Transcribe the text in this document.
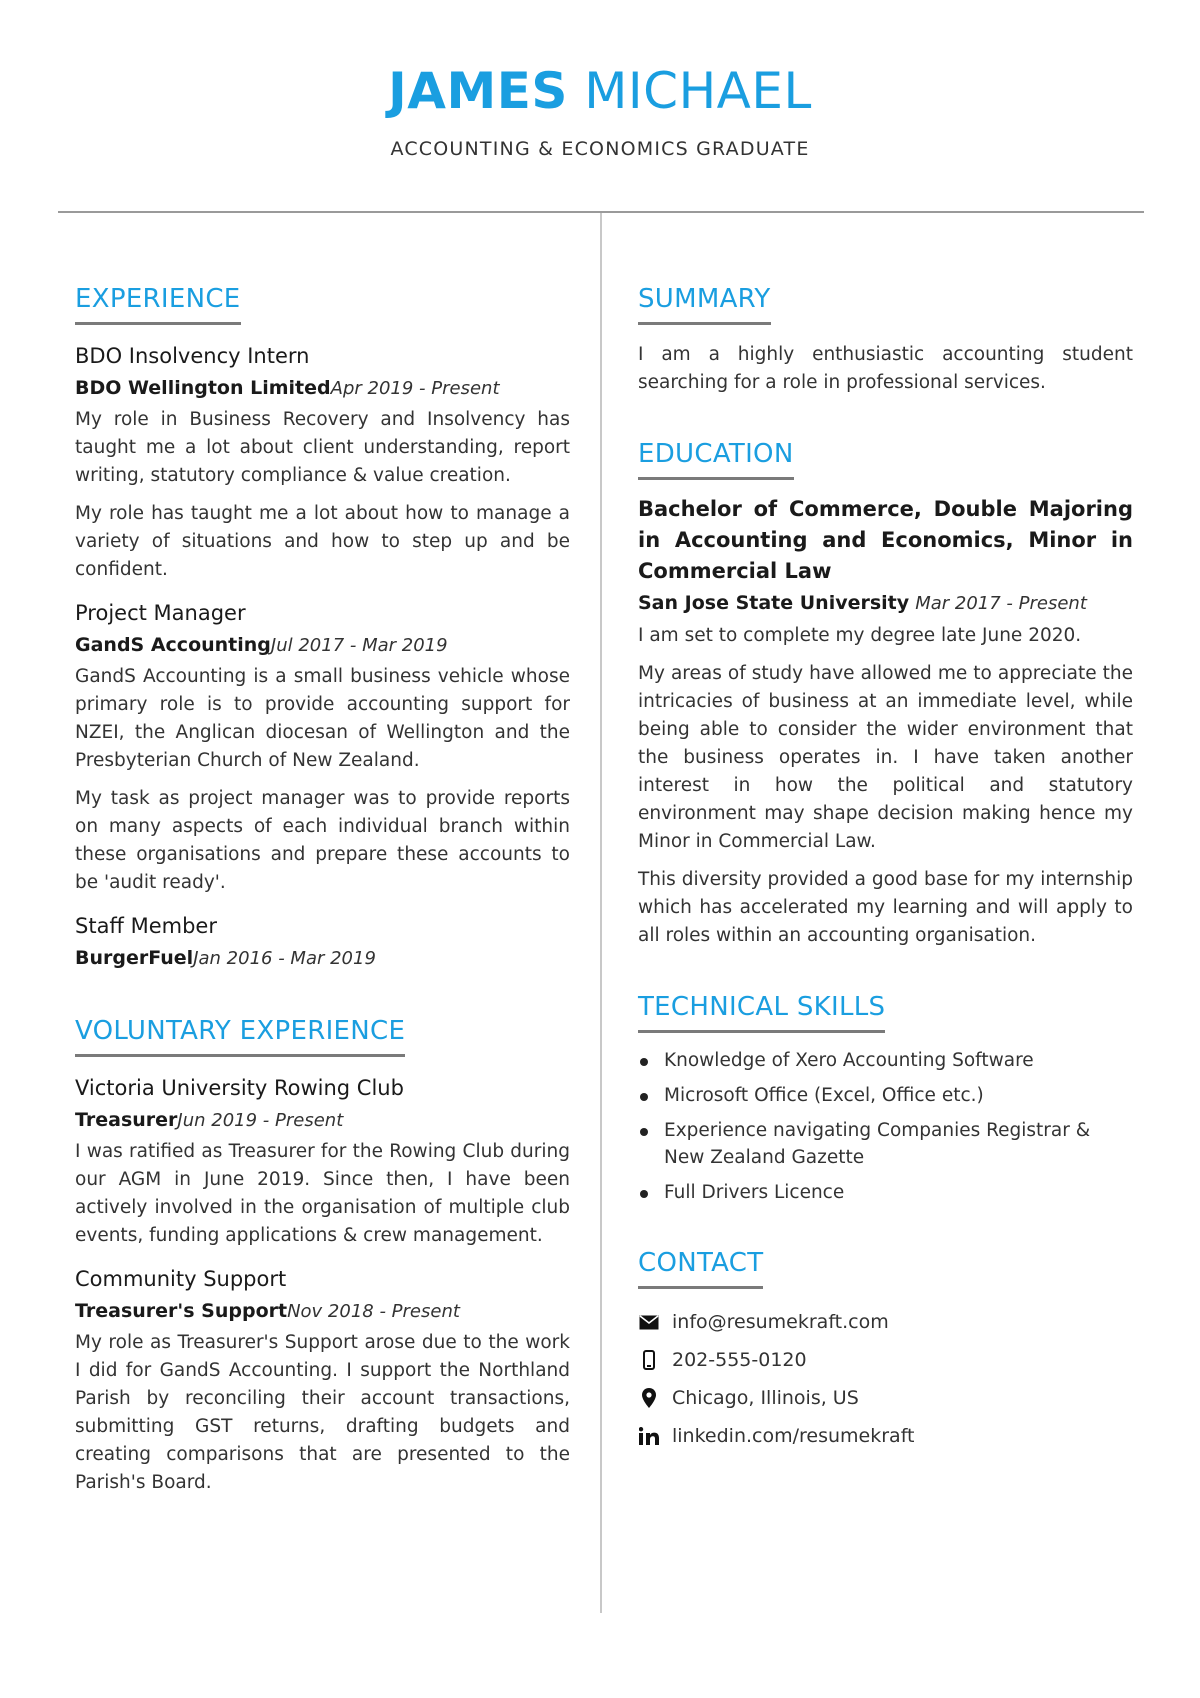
JAMES MICHAEL
ACCOUNTING & ECONOMICS GRADUATE
EXPERIENCE
BDO Insolvency Intern
BDO Wellington LimitedApr 2019 - Present

My role in Business Recovery and Insolvency has taught me a lot about client understanding, report writing, statutory compliance & value creation.

My role has taught me a lot about how to manage a variety of situations and how to step up and be confident.

Project Manager
GandS AccountingJul 2017 - Mar 2019

GandS Accounting is a small business vehicle whose primary role is to provide accounting support for NZEI, the Anglican diocesan of Wellington and the Presbyterian Church of New Zealand.

My task as project manager was to provide reports on many aspects of each individual branch within these organisations and prepare these accounts to be 'audit ready'.

Staff Member
BurgerFuelJan 2016 - Mar 2019
VOLUNTARY EXPERIENCE
Victoria University Rowing Club
TreasurerJun 2019 - Present

I was ratified as Treasurer for the Rowing Club during our AGM in June 2019. Since then, I have been actively involved in the organisation of multiple club events, funding applications & crew management.

Community Support
Treasurer's SupportNov 2018 - Present

My role as Treasurer's Support arose due to the work I did for GandS Accounting. I support the Northland Parish by reconciling their account transactions, submitting GST returns, drafting budgets and creating comparisons that are presented to the Parish's Board.

SUMMARY

I am a highly enthusiastic accounting student searching for a role in professional services.

EDUCATION
Bachelor of Commerce, Double Majoring in Accounting and Economics, Minor in Commercial Law
San Jose State University Mar 2017 - Present

I am set to complete my degree late June 2020.

My areas of study have allowed me to appreciate the intricacies of business at an immediate level, while being able to consider the wider environment that the business operates in. I have taken another interest in how the political and statutory environment may shape decision making hence my Minor in Commercial Law.

This diversity provided a good base for my internship which has accelerated my learning and will apply to all roles within an accounting organisation.

TECHNICAL SKILLS
Knowledge of Xero Accounting Software
Microsoft Office (Excel, Office etc.)
Experience navigating Companies Registrar & New Zealand Gazette
Full Drivers Licence
CONTACT
info@resumekraft.com
202-555-0120
Chicago, Illinois, US
linkedin.com/resumekraft
